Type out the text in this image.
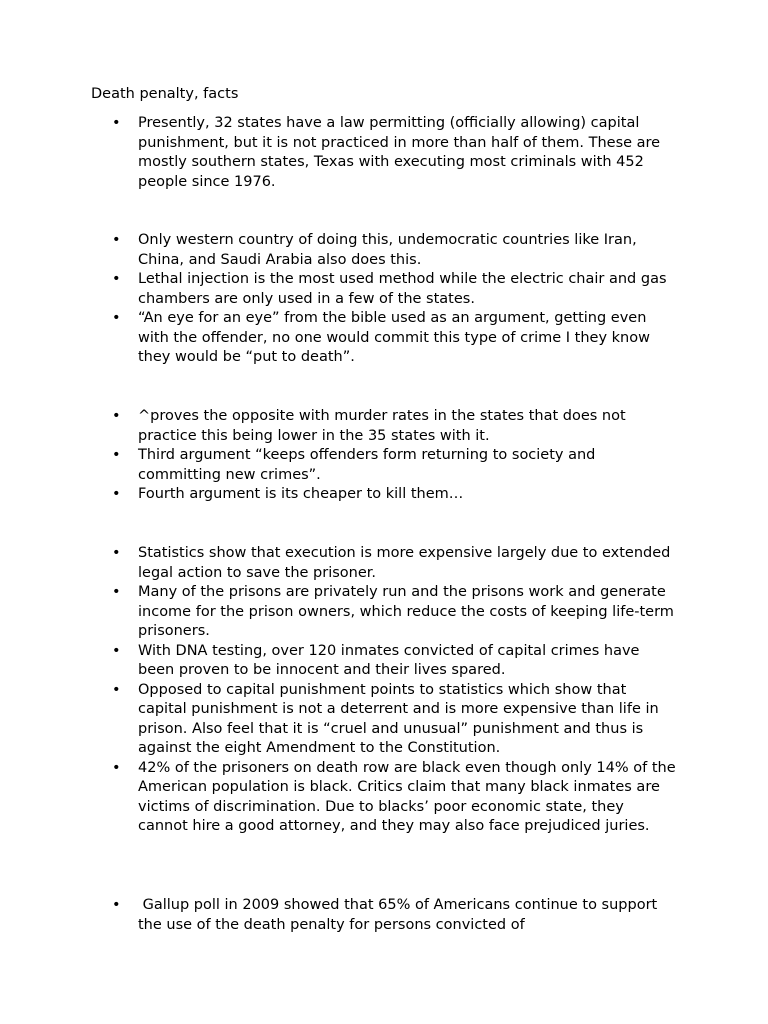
Death penalty, facts
• Presently, 32 states have a law permitting (officially allowing) capital punishment, but it is not practiced in more than half of them. These are mostly southern states, Texas with executing most criminals with 452 people since 1976.
• Only western country of doing this, undemocratic countries like Iran, China, and Saudi Arabia also does this.
• Lethal injection is the most used method while the electric chair and gas chambers are only used in a few of the states.
• “An eye for an eye” from the bible used as an argument, getting even with the offender, no one would commit this type of crime I they know they would be “put to death”.
• ^proves the opposite with murder rates in the states that does not practice this being lower in the 35 states with it.
• Third argument “keeps offenders form returning to society and committing new crimes”.
• Fourth argument is its cheaper to kill them…
• Statistics show that execution is more expensive largely due to extended legal action to save the prisoner.
• Many of the prisons are privately run and the prisons work and generate income for the prison owners, which reduce the costs of keeping life-term prisoners.
• With DNA testing, over 120 inmates convicted of capital crimes have been proven to be innocent and their lives spared.
• Opposed to capital punishment points to statistics which show that capital punishment is not a deterrent and is more expensive than life in prison. Also feel that it is “cruel and unusual” punishment and thus is against the eight Amendment to the Constitution.
• 42% of the prisoners on death row are black even though only 14% of the American population is black. Critics claim that many black inmates are victims of discrimination. Due to blacks’ poor economic state, they cannot hire a good attorney, and they may also face prejudiced juries.
• Gallup poll in 2009 showed that 65% of Americans continue to support the use of the death penalty for persons convicted of
